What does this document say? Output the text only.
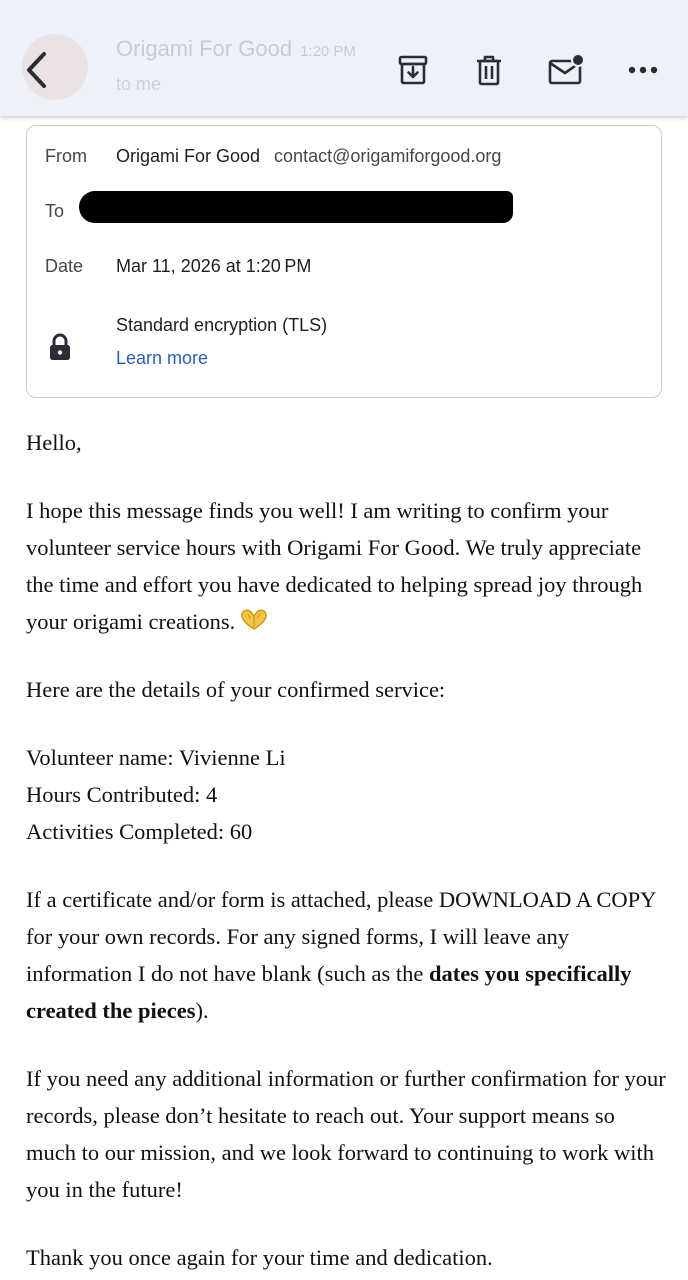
Origami For Good 1:20 PM
to me
From Origami For Good contact@origamiforgood.org
To
Date Mar 11, 2026 at 1:20 PM
Standard encryption (TLS)
Learn more

Hello,

I hope this message finds you well! I am writing to confirm your volunteer service hours with Origami For Good. We truly appreciate the time and effort you have dedicated to helping spread joy through your origami creations.

Here are the details of your confirmed service:

Volunteer name: Vivienne Li

Hours Contributed: 4

Activities Completed: 60

If a certificate and/or form is attached, please DOWNLOAD A COPY for your own records. For any signed forms, I will leave any information I do not have blank (such as the dates you specifically created the pieces).

If you need any additional information or further confirmation for your records, please don’t hesitate to reach out. Your support means so much to our mission, and we look forward to continuing to work with you in the future!

Thank you once again for your time and dedication.
